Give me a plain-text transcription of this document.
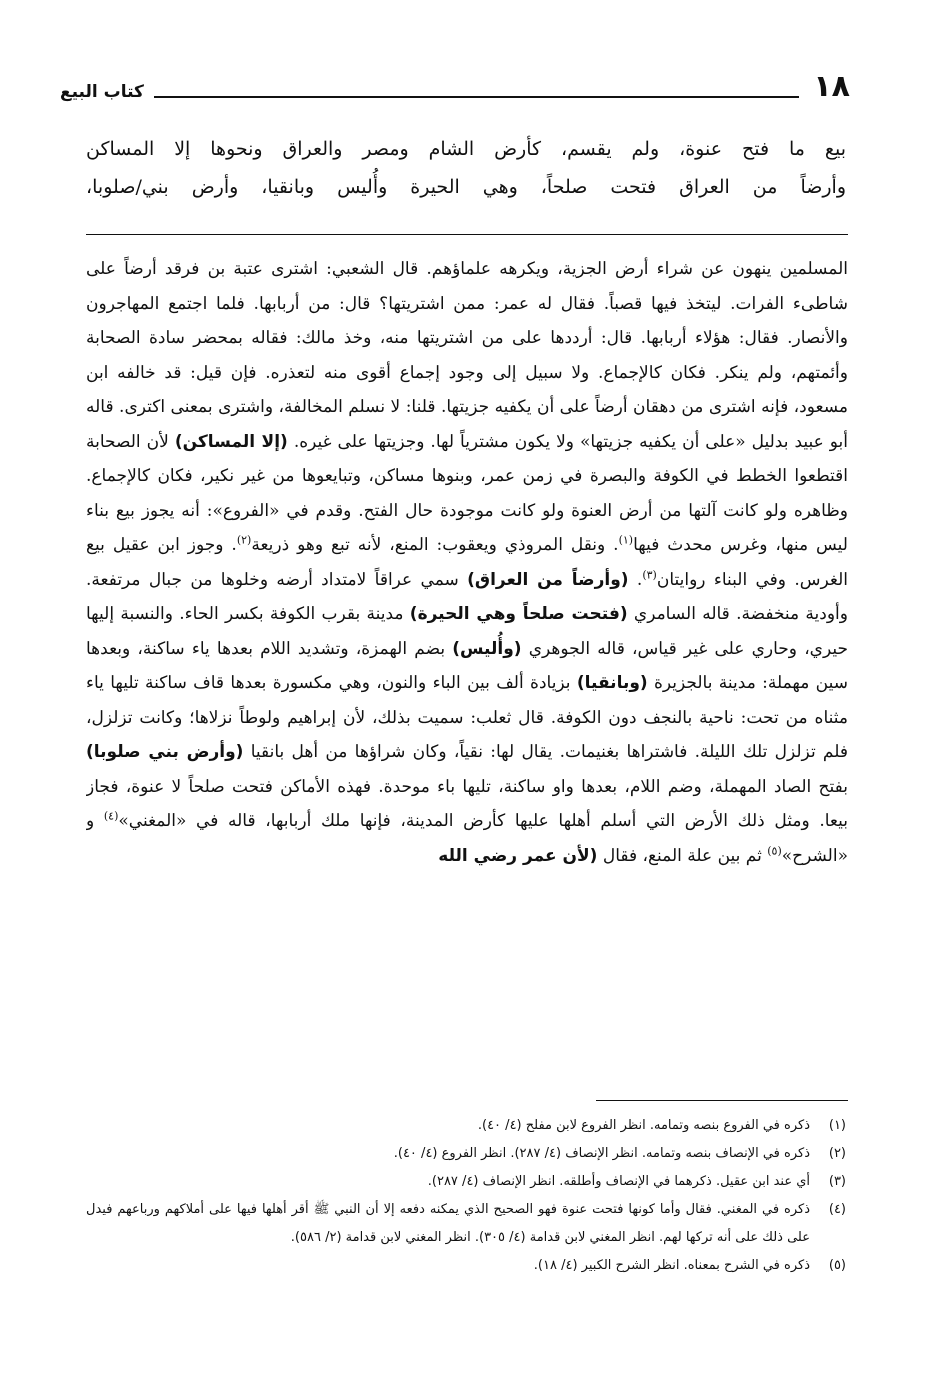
١٨
كتاب البيع
بيع ما فتح عنوة، ولم يقسم، كأرض الشام ومصر والعراق ونحوها إلا المساكن
وأرضاً من العراق فتحت صلحاً، وهي الحيرة وأُليس وبانقيا، وأرض بني/صلوبا،
المسلمين ينهون عن شراء أرض الجزية، ويكرهه علماؤهم. قال الشعبي: اشترى عتبة بن فرقد أرضاً على شاطىء الفرات. ليتخذ فيها قصباً. فقال له عمر: ممن اشتريتها؟ قال: من أربابها. فلما اجتمع المهاجرون والأنصار. فقال: هؤلاء أربابها. قال: أرددها على من اشتريتها منه، وخذ مالك: فقاله بمحضر سادة الصحابة وأئمتهم، ولم ينكر. فكان كالإجماع. ولا سبيل إلى وجود إجماع أقوى منه لتعذره. فإن قيل: قد خالفه ابن مسعود، فإنه اشترى من دهقان أرضاً على أن يكفيه جزيتها. قلنا: لا نسلم المخالفة، واشترى بمعنى اكترى. قاله أبو عبيد بدليل «على أن يكفيه جزيتها» ولا يكون مشترياً لها. وجزيتها على غيره. (إلا المساكن) لأن الصحابة اقتطعوا الخطط في الكوفة والبصرة في زمن عمر، وبنوها مساكن، وتبايعوها من غير نكير، فكان كالإجماع. وظاهره ولو كانت آلتها من أرض العنوة ولو كانت موجودة حال الفتح. وقدم في «الفروع»: أنه يجوز بيع بناء ليس منها، وغرس محدث فيها$^{(١)}$. ونقل المروذي ويعقوب: المنع، لأنه تبع وهو ذريعة$^{(٢)}$. وجوز ابن عقيل بيع الغرس. وفي البناء روايتان$^{(٣)}$. (وأرضاً من العراق) سمي عراقاً لامتداد أرضه وخلوها من جبال مرتفعة. وأودية منخفضة. قاله السامري (فتحت صلحاً وهي الحيرة) مدينة بقرب الكوفة بكسر الحاء. والنسبة إليها حيري، وحاري على غير قياس، قاله الجوهري (وأُليس) بضم الهمزة، وتشديد اللام بعدها ياء ساكنة، وبعدها سين مهملة: مدينة بالجزيرة (وبانقيا) بزيادة ألف بين الباء والنون، وهي مكسورة بعدها قاف ساكنة تليها ياء مثناه من تحت: ناحية بالنجف دون الكوفة. قال ثعلب: سميت بذلك، لأن إبراهيم ولوطاً نزلاها؛ وكانت تزلزل، فلم تزلزل تلك الليلة. فاشتراها بغنيمات. يقال لها: نقياً، وكان شراؤها من أهل بانقيا (وأرض بني صلوبا) بفتح الصاد المهملة، وضم اللام، بعدها واو ساكنة، تليها باء موحدة. فهذه الأماكن فتحت صلحاً لا عنوة، فجاز بيعا. ومثل ذلك الأرض التي أسلم أهلها عليها كأرض المدينة، فإنها ملك أربابها، قاله في «المغني»$^{(٤)}$ و «الشرح»$^{(٥)}$ ثم بين علة المنع، فقال (لأن عمر رضي الله
(١)
ذكره في الفروع بنصه وتمامه. انظر الفروع لابن مفلح (٤/ ٤٠).
(٢)
ذكره في الإنصاف بنصه وتمامه. انظر الإنصاف (٤/ ٢٨٧). انظر الفروع (٤/ ٤٠).
(٣)
أي عند ابن عقيل. ذكرهما في الإنصاف وأطلقه. انظر الإنصاف (٤/ ٢٨٧).
(٤)
ذكره في المغني. فقال وأما كونها فتحت عنوة فهو الصحيح الذي يمكنه دفعه إلا أن النبي ﷺ أقر أهلها فيها على أملاكهم ورباعهم فيدل على ذلك على أنه تركها لهم. انظر المغني لابن قدامة (٤/ ٣٠٥). انظر المغني لابن قدامة (٢/ ٥٨٦).
(٥)
ذكره في الشرح بمعناه. انظر الشرح الكبير (٤/ ١٨).
